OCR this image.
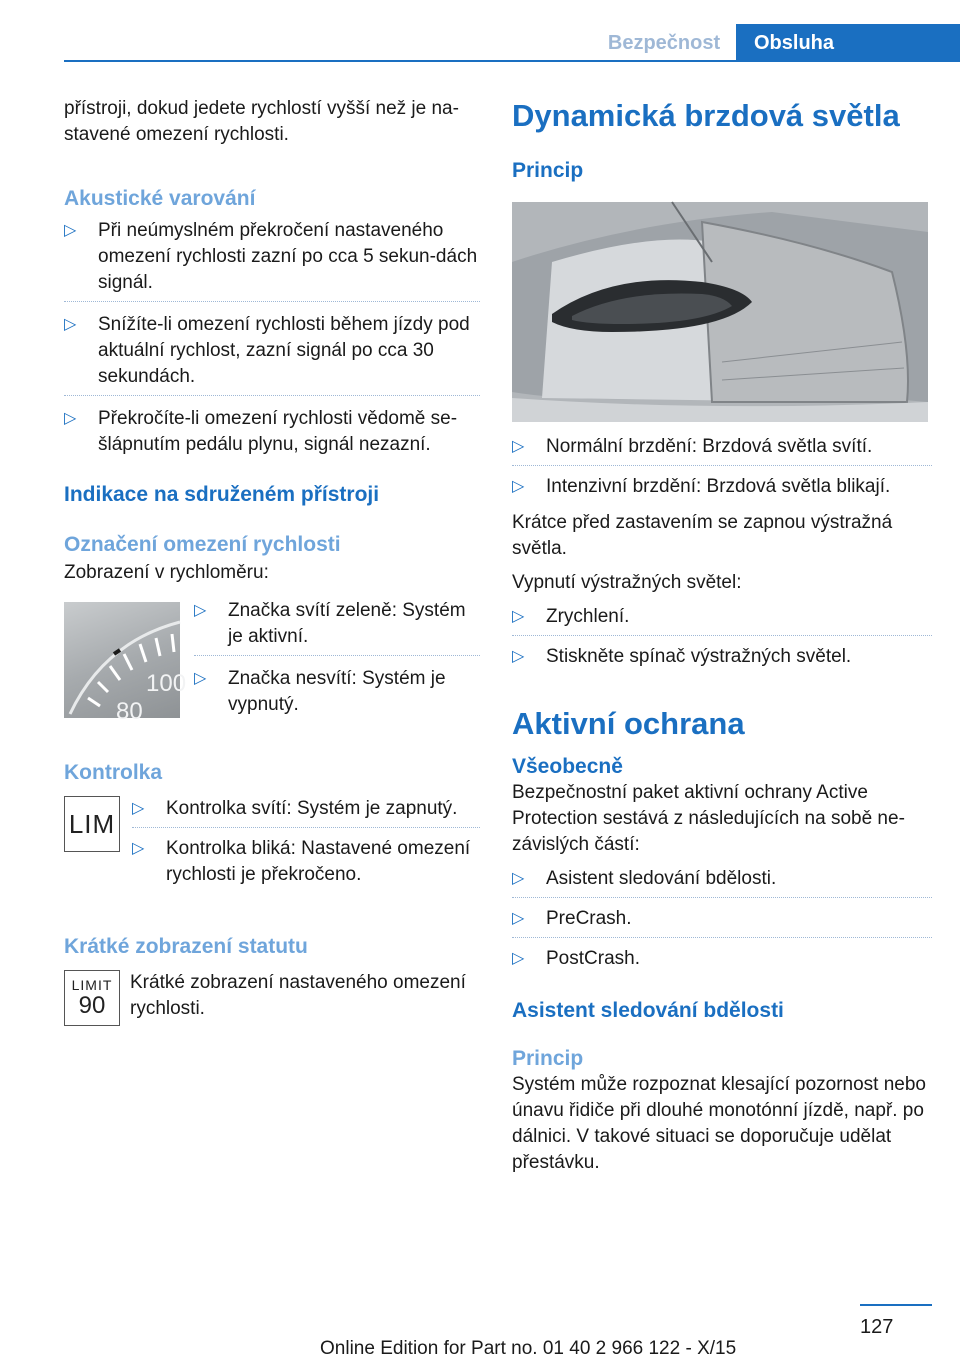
Bezpečnost	Obsluha

přístroji, dokud jedete rychlostí vyšší než je na-stavené omezení rychlosti.

Akustické varování
▷ Při neúmyslném překročení nastaveného omezení rychlosti zazní po cca 5 sekun-dách signál.
▷ Snížíte-li omezení rychlosti během jízdy pod aktuální rychlost, zazní signál po cca 30 sekundách.
▷ Překročíte-li omezení rychlosti vědomě se-šlápnutím pedálu plynu, signál nezazní.
Indikace na sdruženém přístroji
Označení omezení rychlosti

Zobrazení v rychloměru:

100
80
▷ Značka svítí zeleně: Systém je aktivní.
▷ Značka nesvítí: Systém je vypnutý.
Kontrolka
LIM	▷ Kontrolka svítí: Systém je zapnutý.
▷ Kontrolka bliká: Nastavené omezení rychlosti je překročeno.
Krátké zobrazení statutu
LIMIT
90

Krátké zobrazení nastaveného omezení rychlosti.

Dynamická brzdová světla
Princip
▷ Normální brzdění: Brzdová světla svítí.
▷ Intenzivní brzdění: Brzdová světla blikají.

Krátce před zastavením se zapnou výstražná světla.

Vypnutí výstražných světel:

▷ Zrychlení.
▷ Stiskněte spínač výstražných světel.
Aktivní ochrana
Všeobecně

Bezpečnostní paket aktivní ochrany Active Protection sestává z následujících na sobě ne-závislých částí:

▷ Asistent sledování bdělosti.
▷ PreCrash.
▷ PostCrash.
Asistent sledování bdělosti
Princip

Systém může rozpoznat klesající pozornost nebo únavu řidiče při dlouhé monotónní jízdě, např. po dálnici. V takové situaci se doporučuje udělat přestávku.

127
Online Edition for Part no. 01 40 2 966 122 - X/15
